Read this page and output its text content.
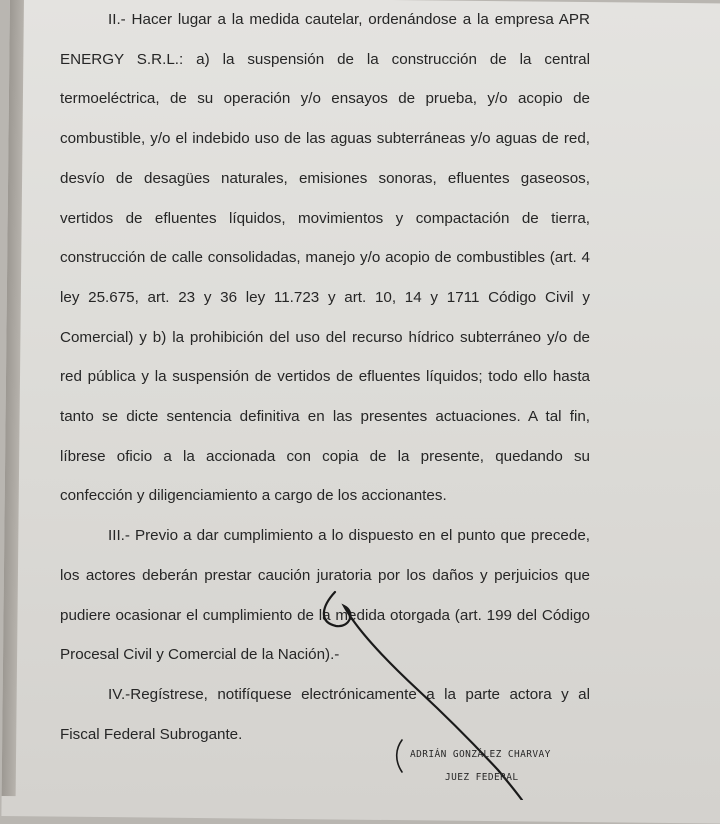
II.- Hacer lugar a la medida cautelar, ordenándose a la empresa APR ENERGY S.R.L.: a) la suspensión de la construcción de la central termoeléctrica, de su operación y/o ensayos de prueba, y/o acopio de combustible, y/o el indebido uso de las aguas subterráneas y/o aguas de red, desvío de desagües naturales, emisiones sonoras, efluentes gaseosos, vertidos de efluentes líquidos, movimientos y compactación de tierra, construcción de calle consolidadas, manejo y/o acopio de combustibles (art. 4 ley 25.675, art. 23 y 36 ley 11.723 y art. 10, 14 y 1711 Código Civil y Comercial) y b) la prohibición del uso del recurso hídrico subterráneo y/o de red pública y la suspensión de vertidos de efluentes líquidos; todo ello hasta tanto se dicte sentencia definitiva en las presentes actuaciones. A tal fin, líbrese oficio a la accionada con copia de la presente, quedando su confección y diligenciamiento a cargo de los accionantes.

III.- Previo a dar cumplimiento a lo dispuesto en el punto que precede, los actores deberán prestar caución juratoria por los daños y perjuicios que pudiere ocasionar el cumplimiento de la medida otorgada (art. 199 del Código Procesal Civil y Comercial de la Nación).-

IV.-Regístrese, notifíquese electrónicamente a la parte actora y al Fiscal Federal Subrogante.

ADRIÁN GONZÁLEZ CHARVAY
JUEZ FEDERAL
